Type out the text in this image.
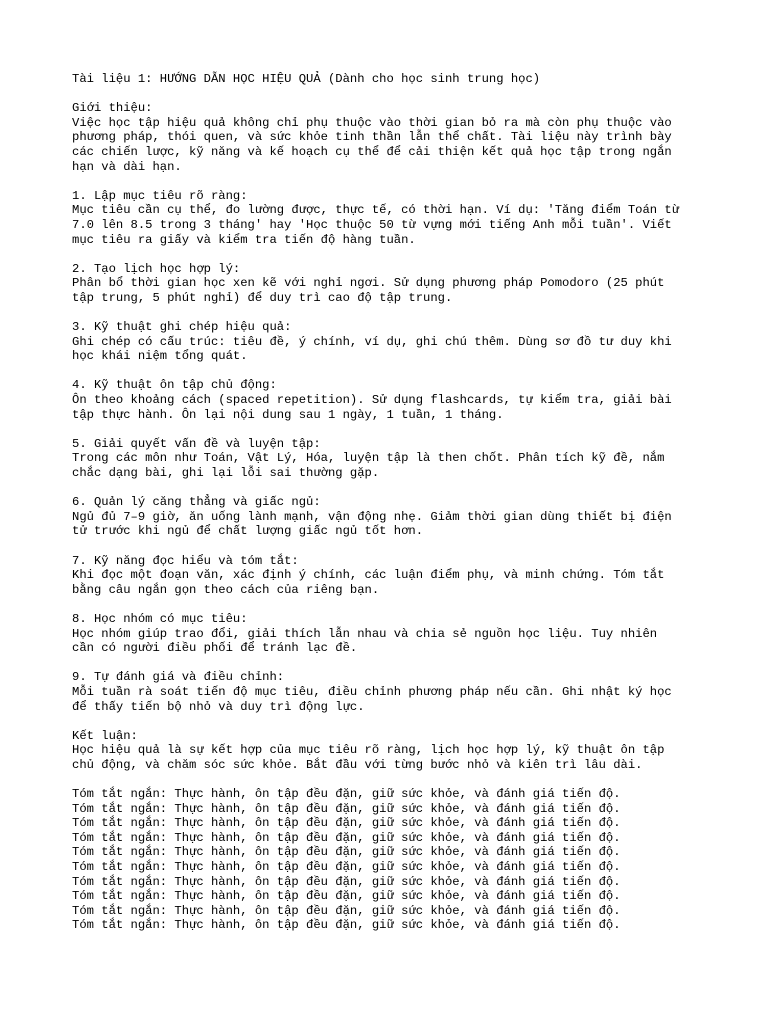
Tài liệu 1: HƯỚNG DẪN HỌC HIỆU QUẢ (Dành cho học sinh trung học)
Giới thiệu:
Việc học tập hiệu quả không chỉ phụ thuộc vào thời gian bỏ ra mà còn phụ thuộc vào
phương pháp, thói quen, và sức khỏe tinh thần lẫn thể chất. Tài liệu này trình bày
các chiến lược, kỹ năng và kế hoạch cụ thể để cải thiện kết quả học tập trong ngắn
hạn và dài hạn.
1. Lập mục tiêu rõ ràng:
Mục tiêu cần cụ thể, đo lường được, thực tế, có thời hạn. Ví dụ: 'Tăng điểm Toán từ
7.0 lên 8.5 trong 3 tháng' hay 'Học thuộc 50 từ vựng mới tiếng Anh mỗi tuần'. Viết
mục tiêu ra giấy và kiểm tra tiến độ hàng tuần.
2. Tạo lịch học hợp lý:
Phân bổ thời gian học xen kẽ với nghỉ ngơi. Sử dụng phương pháp Pomodoro (25 phút
tập trung, 5 phút nghỉ) để duy trì cao độ tập trung.
3. Kỹ thuật ghi chép hiệu quả:
Ghi chép có cấu trúc: tiêu đề, ý chính, ví dụ, ghi chú thêm. Dùng sơ đồ tư duy khi
học khái niệm tổng quát.
4. Kỹ thuật ôn tập chủ động:
Ôn theo khoảng cách (spaced repetition). Sử dụng flashcards, tự kiểm tra, giải bài
tập thực hành. Ôn lại nội dung sau 1 ngày, 1 tuần, 1 tháng.
5. Giải quyết vấn đề và luyện tập:
Trong các môn như Toán, Vật Lý, Hóa, luyện tập là then chốt. Phân tích kỹ đề, nắm
chắc dạng bài, ghi lại lỗi sai thường gặp.
6. Quản lý căng thẳng và giấc ngủ:
Ngủ đủ 7–9 giờ, ăn uống lành mạnh, vận động nhẹ. Giảm thời gian dùng thiết bị điện
tử trước khi ngủ để chất lượng giấc ngủ tốt hơn.
7. Kỹ năng đọc hiểu và tóm tắt:
Khi đọc một đoạn văn, xác định ý chính, các luận điểm phụ, và minh chứng. Tóm tắt
bằng câu ngắn gọn theo cách của riêng bạn.
8. Học nhóm có mục tiêu:
Học nhóm giúp trao đổi, giải thích lẫn nhau và chia sẻ nguồn học liệu. Tuy nhiên
cần có người điều phối để tránh lạc đề.
9. Tự đánh giá và điều chỉnh:
Mỗi tuần rà soát tiến độ mục tiêu, điều chỉnh phương pháp nếu cần. Ghi nhật ký học
để thấy tiến bộ nhỏ và duy trì động lực.
Kết luận:
Học hiệu quả là sự kết hợp của mục tiêu rõ ràng, lịch học hợp lý, kỹ thuật ôn tập
chủ động, và chăm sóc sức khỏe. Bắt đầu với từng bước nhỏ và kiên trì lâu dài.
Tóm tắt ngắn: Thực hành, ôn tập đều đặn, giữ sức khỏe, và đánh giá tiến độ.
Tóm tắt ngắn: Thực hành, ôn tập đều đặn, giữ sức khỏe, và đánh giá tiến độ.
Tóm tắt ngắn: Thực hành, ôn tập đều đặn, giữ sức khỏe, và đánh giá tiến độ.
Tóm tắt ngắn: Thực hành, ôn tập đều đặn, giữ sức khỏe, và đánh giá tiến độ.
Tóm tắt ngắn: Thực hành, ôn tập đều đặn, giữ sức khỏe, và đánh giá tiến độ.
Tóm tắt ngắn: Thực hành, ôn tập đều đặn, giữ sức khỏe, và đánh giá tiến độ.
Tóm tắt ngắn: Thực hành, ôn tập đều đặn, giữ sức khỏe, và đánh giá tiến độ.
Tóm tắt ngắn: Thực hành, ôn tập đều đặn, giữ sức khỏe, và đánh giá tiến độ.
Tóm tắt ngắn: Thực hành, ôn tập đều đặn, giữ sức khỏe, và đánh giá tiến độ.
Tóm tắt ngắn: Thực hành, ôn tập đều đặn, giữ sức khỏe, và đánh giá tiến độ.
